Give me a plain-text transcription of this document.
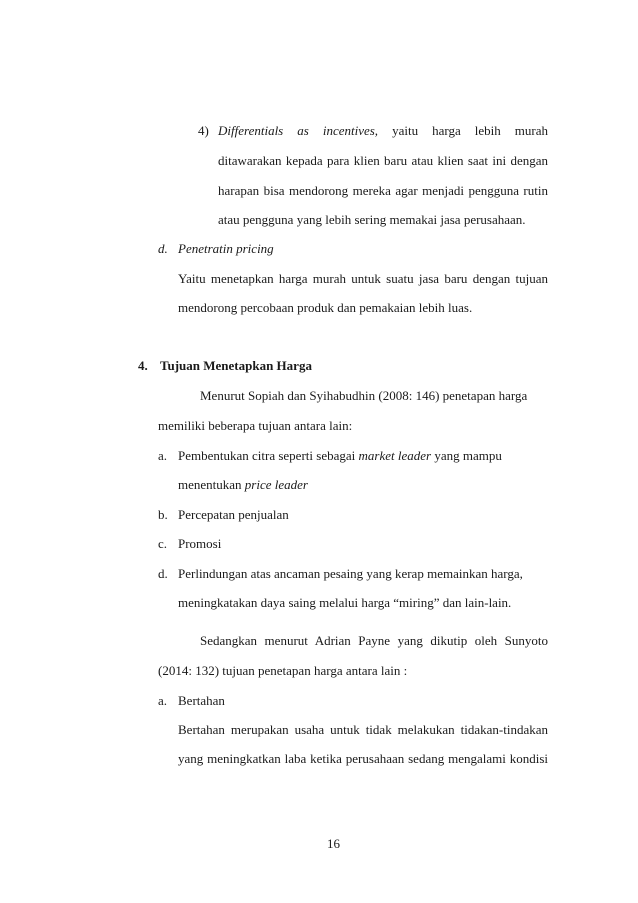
4) Differentials as incentives, yaitu harga lebih murah

ditawarakan kepada para klien baru atau klien saat ini dengan

harapan bisa mendorong mereka agar menjadi pengguna rutin

atau pengguna yang lebih sering memakai jasa perusahaan.

d. Penetratin pricing

Yaitu menetapkan harga murah untuk suatu jasa baru dengan tujuan

mendorong percobaan produk dan pemakaian lebih luas.

4. Tujuan Menetapkan Harga

Menurut Sopiah dan Syihabudhin (2008: 146) penetapan harga

memiliki beberapa tujuan antara lain:

a. Pembentukan citra seperti sebagai market leader yang mampu

menentukan price leader

b. Percepatan penjualan

c. Promosi

d. Perlindungan atas ancaman pesaing yang kerap memainkan harga,

meningkatakan daya saing melalui harga “miring” dan lain-lain.

Sedangkan menurut Adrian Payne yang dikutip oleh Sunyoto

(2014: 132) tujuan penetapan harga antara lain :

a. Bertahan

Bertahan merupakan usaha untuk tidak melakukan tidakan-tindakan

yang meningkatkan laba ketika perusahaan sedang mengalami kondisi

16
